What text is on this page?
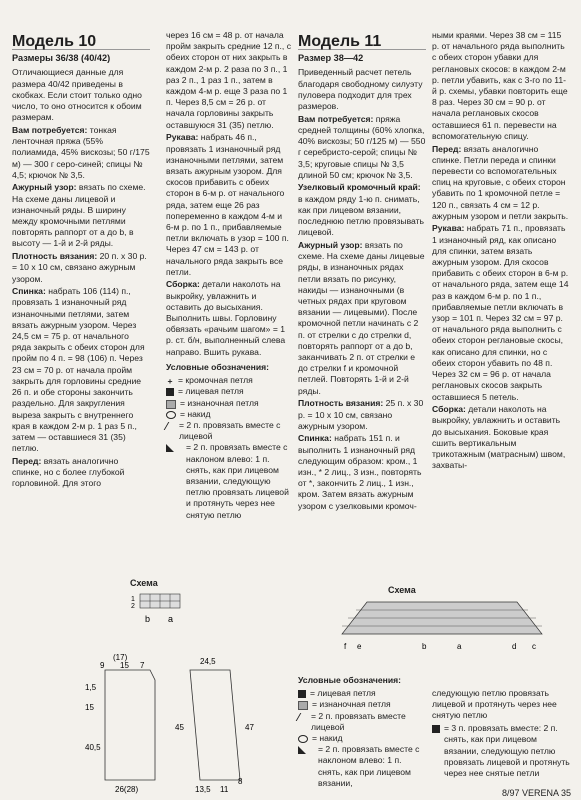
Модель 10
Размеры 36/38 (40/42)

Отличающиеся данные для размера 40/42 приведены в скобках. Если стоит только одно число, то оно относится к обоим размерам.

Вам потребуется: тонкая ленточная пряжа (55% полиамида, 45% вискозы; 50 г/175 м) — 300 г серо-синей; спицы № 4,5; крючок № 3,5.

Ажурный узор: вязать по схеме. На схеме даны лицевой и изнаночный ряды. В ширину между кромочными петлями повторять раппорт от a до b, в высоту — 1-й и 2-й ряды.

Плотность вязания: 20 п. х 30 р. = 10 х 10 см, связано ажурным узором.

Спинка: набрать 106 (114) п., провязать 1 изнаночный ряд изнаночными петлями, затем вязать ажурным узором. Через 24,5 см = 75 р. от начального ряда закрыть с обеих сторон для пройм по 4 п. = 98 (106) п. Через 23 см = 70 р. от начала пройм закрыть для горловины средние 26 п. и обе стороны закончить раздельно. Для закругления выреза закрыть с внутреннего края в каждом 2-м р. 1 раз 5 п., затем — оставшиеся 31 (35) петлю.

Перед: вязать аналогично спинке, но с более глубокой горловиной. Для этого

через 16 см = 48 р. от начала пройм закрыть средние 12 п., с обеих сторон от них закрыть в каждом 2-м р. 2 раза по 3 п., 1 раз 2 п., 1 раз 1 п., затем в каждом 4-м р. еще 3 раза по 1 п. Через 8,5 см = 26 р. от начала горловины закрыть оставшуюся 31 (35) петлю.

Рукава: набрать 46 п., провязать 1 изнаночный ряд изнаночными петлями, затем вязать ажурным узором. Для скосов прибавить с обеих сторон в 6-м р. от начального ряда, затем еще 26 раз попеременно в каждом 4-м и 6-м р. по 1 п., прибавляемые петли включать в узор = 100 п. Через 47 см = 143 р. от начального ряда закрыть все петли.

Сборка: детали наколоть на выкройку, увлажнить и оставить до высыхания. Выполнить швы. Горловину обвязать «рачьим шагом» = 1 р. ст. б/н, выполненный слева направо. Вшить рукава.

Условные обозначения:
+ = кромочная петля
= лицевая петля
= изнаночная петля
= накид
= 2 п. провязать вместе с лицевой
= 2 п. провязать вместе с наклоном влево: 1 п. снять, как при лицевом вязании, следующую петлю провязать лицевой и протянуть через нее снятую петлю
Модель 11
Размер 38—42

Приведенный расчет петель благодаря свободному силуэту пуловера подходит для трех размеров.

Вам потребуется: пряжа средней толщины (60% хлопка, 40% вискозы; 50 г/125 м) — 550 г серебристо-серой; спицы № 3,5; круговые спицы № 3,5 длиной 50 см; крючок № 3,5.

Узелковый кромочный край: в каждом ряду 1-ю п. снимать, как при лицевом вязании, последнюю петлю провязывать лицевой.

Ажурный узор: вязать по схеме. На схеме даны лицевые ряды, в изнаночных рядах петли вязать по рисунку, накиды — изнаночными (в четных рядах при круговом вязании — лицевыми). После кромочной петли начинать с 2 п. от стрелки c до стрелки d, повторять раппорт от a до b, заканчивать 2 п. от стрелки e до стрелки f и кромочной петлей. Повторять 1-й и 2-й ряды.

Плотность вязания: 25 п. х 30 р. = 10 х 10 см, связано ажурным узором.

Спинка: набрать 151 п. и выполнить 1 изнаночный ряд следующим образом: кром., 1 изн., * 2 лиц., 3 изн., повторять от *, закончить 2 лиц., 1 изн., кром. Затем вязать ажурным узором с узелковыми кромоч-

ными краями. Через 38 см = 115 р. от начального ряда выполнить с обеих сторон убавки для реглановых скосов: в каждом 2-м р. петли убавить, как с 3-го по 11-й р. схемы, убавки повторить еще 8 раз. Через 30 см = 90 р. от начала реглановых скосов оставшиеся 61 п. перевести на вспомогательную спицу.

Перед: вязать аналогично спинке. Петли переда и спинки перевести со вспомогательных спиц на круговые, с обеих сторон убавить по 1 кромочной петле = 120 п., связать 4 см = 12 р. ажурным узором и петли закрыть.

Рукава: набрать 71 п., провязать 1 изнаночный ряд, как описано для спинки, затем вязать ажурным узором. Для скосов прибавить с обеих сторон в 6-м р. от начального ряда, затем еще 14 раз в каждом 6-м р. по 1 п., прибавляемые петли включать в узор = 101 п. Через 32 см = 97 р. от начального ряда выполнить с обеих сторон реглановые скосы, как описано для спинки, но с обеих сторон убавить по 48 п. Через 32 см = 96 р. от начала реглановых скосов закрыть оставшиеся 5 петель.

Сборка: детали наколоть на выкройку, увлажнить и оставить до высыхания. Боковые края сшить вертикальным трикотажным (матрасным) швом, захваты-

Схема
1
2
b a
Схема
f e	b	a	d c
(17)
9 15 7
1,5
15
40,5
26(28)
24,5
47
45
13,5 11
8
Условные обозначения:
= лицевая петля
= изнаночная петля
= 2 п. провязать вместе лицевой
= накид
= 2 п. провязать вместе с наклоном влево: 1 п. снять, как при лицевом вязании,

следующую петлю провязать лицевой и протянуть через нее снятую петлю

= 3 п. провязать вместе: 2 п. снять, как при лицевом вязании, следующую петлю провязать лицевой и протянуть через нее снятые петли
8/97 VERENA 35
